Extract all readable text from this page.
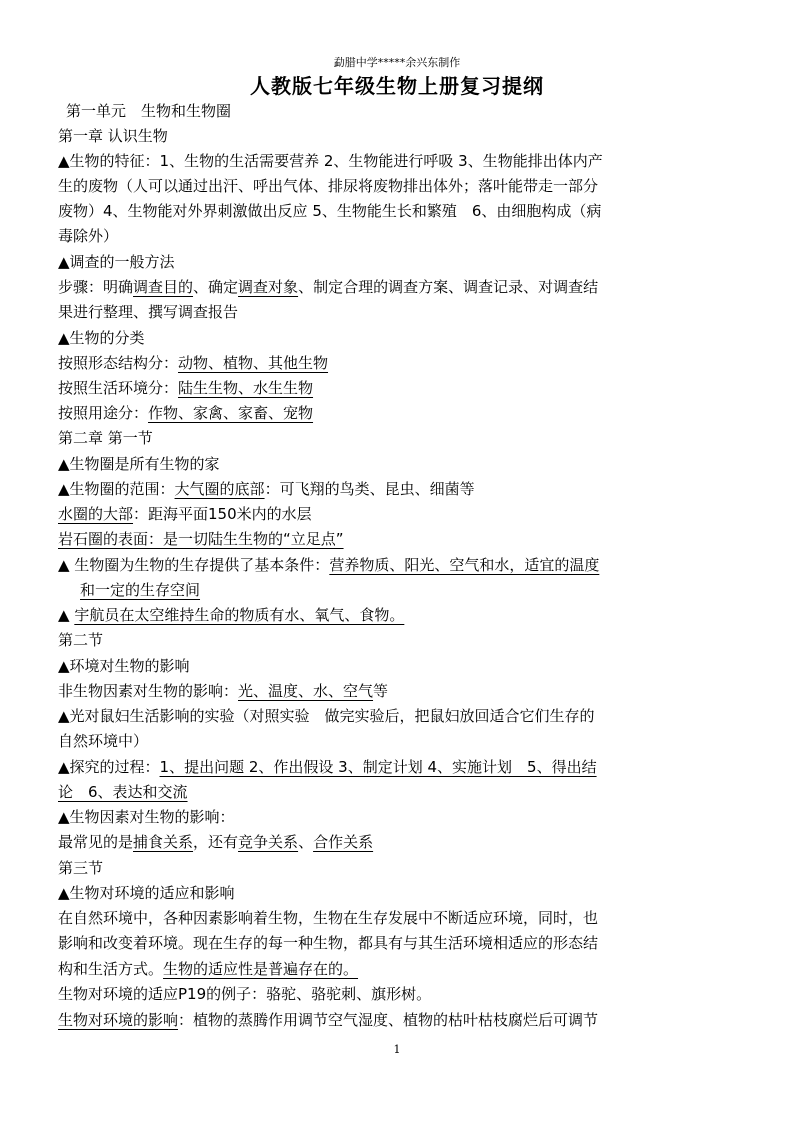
勐腊中学*****余兴东制作
人教版七年级生物上册复习提纲
第一单元　生物和生物圈
第一章 认识生物
▲生物的特征：1、生物的生活需要营养 2、生物能进行呼吸 3、生物能排出体内产
生的废物（人可以通过出汗、呼出气体、排尿将废物排出体外；落叶能带走一部分
废物）4、生物能对外界刺激做出反应 5、生物能生长和繁殖　6、由细胞构成（病
毒除外）
▲调查的一般方法
步骤：明确调查目的、确定调查对象、制定合理的调查方案、调查记录、对调查结
果进行整理、撰写调查报告
▲生物的分类
按照形态结构分：动物、植物、其他生物
按照生活环境分：陆生生物、水生生物
按照用途分：作物、家禽、家畜、宠物
第二章 第一节
▲生物圈是所有生物的家
▲生物圈的范围：大气圈的底部：可飞翔的鸟类、昆虫、细菌等
水圈的大部：距海平面150米内的水层
岩石圈的表面：是一切陆生生物的“立足点”
▲ 生物圈为生物的生存提供了基本条件：营养物质、阳光、空气和水，适宜的温度
和一定的生存空间
▲ 宇航员在太空维持生命的物质有水、氧气、食物。
第二节
▲环境对生物的影响
非生物因素对生物的影响：光、温度、水、空气等
▲光对鼠妇生活影响的实验（对照实验　做完实验后，把鼠妇放回适合它们生存的
自然环境中）
▲探究的过程：1、提出问题 2、作出假设 3、制定计划 4、实施计划　5、得出结
论　6、表达和交流
▲生物因素对生物的影响：
最常见的是捕食关系，还有竞争关系、合作关系
第三节
▲生物对环境的适应和影响
在自然环境中，各种因素影响着生物，生物在生存发展中不断适应环境，同时，也
影响和改变着环境。现在生存的每一种生物，都具有与其生活环境相适应的形态结
构和生活方式。生物的适应性是普遍存在的。
生物对环境的适应P19的例子：骆驼、骆驼刺、旗形树。
生物对环境的影响：植物的蒸腾作用调节空气湿度、植物的枯叶枯枝腐烂后可调节
1
